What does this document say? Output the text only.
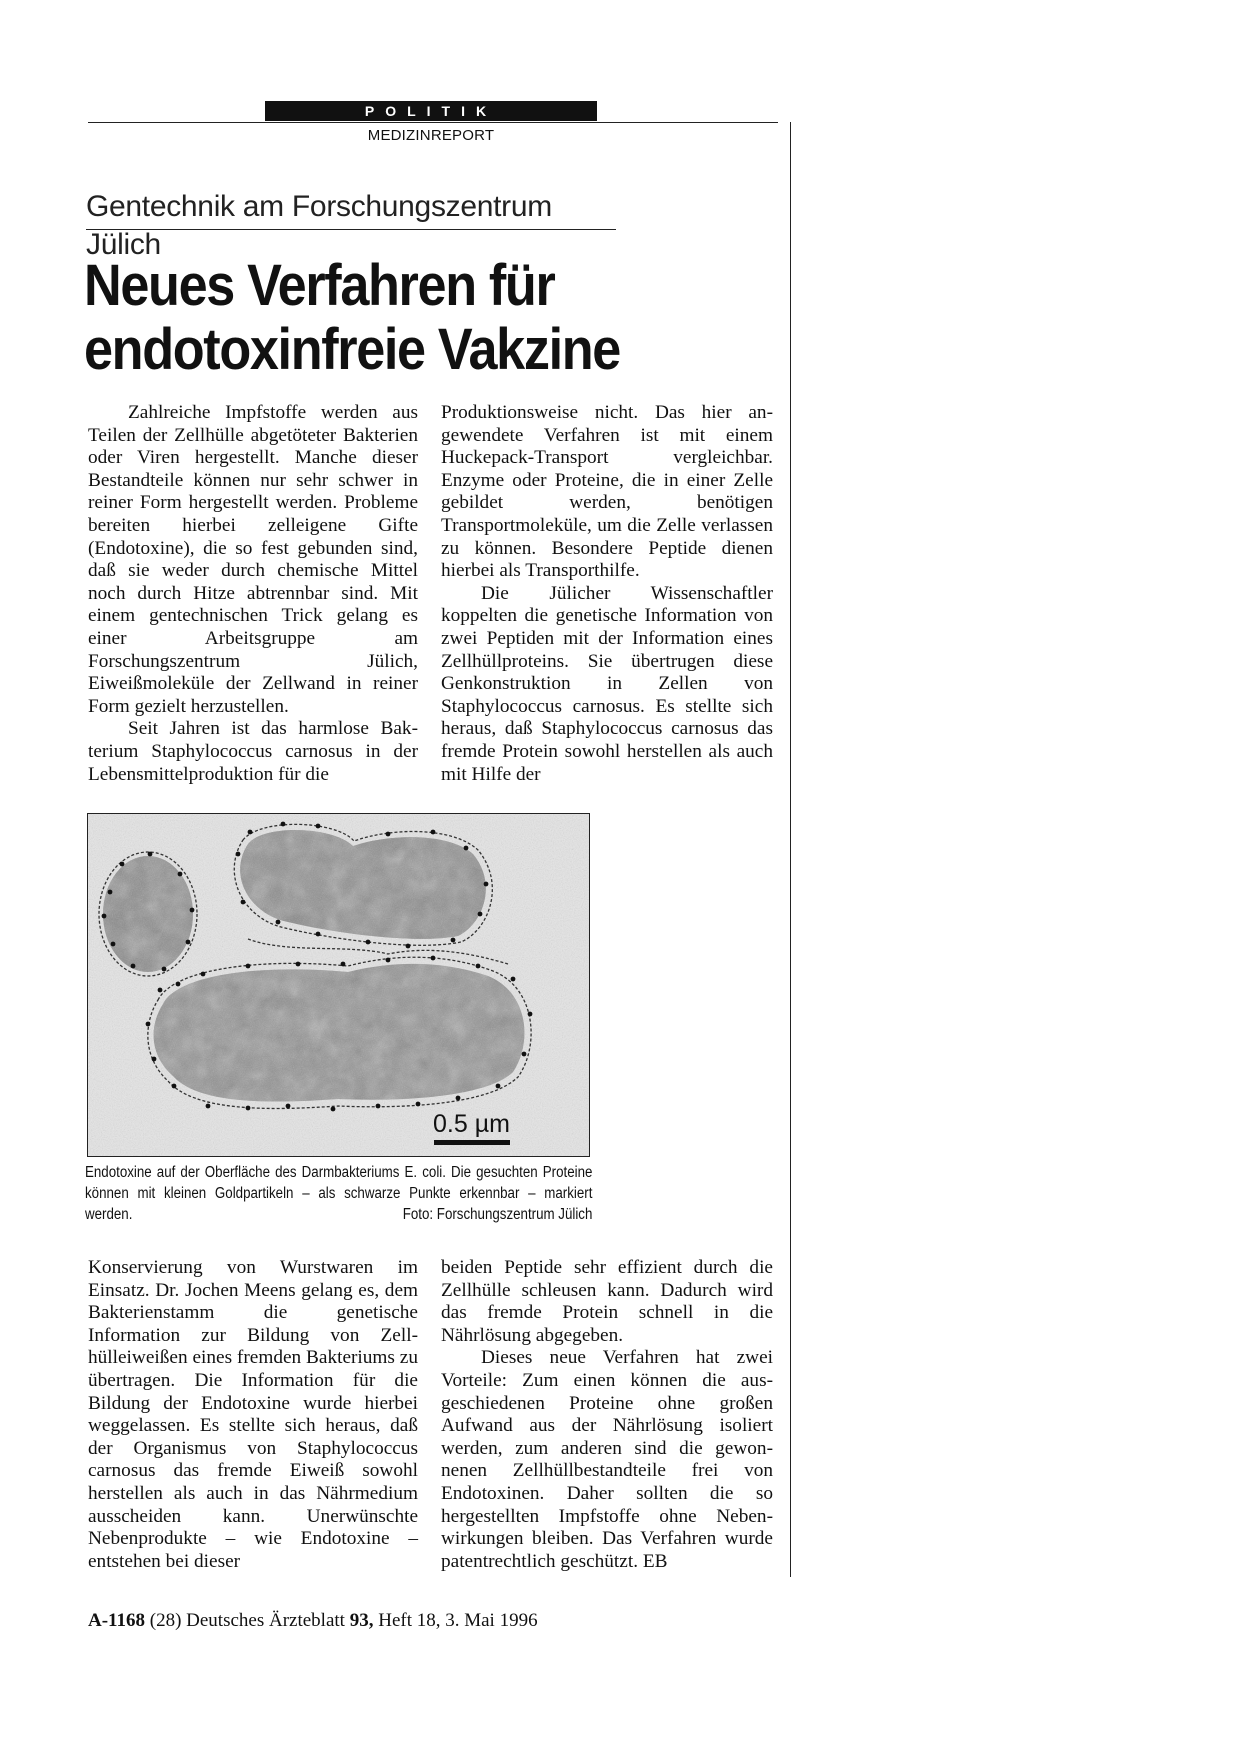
POLITIK
MEDIZINREPORT
Gentechnik am Forschungszentrum Jülich
Neues Verfahren für endotoxinfreie Vakzine

Zahlreiche Impfstoffe werden aus Teilen der Zellhülle abgetöteter Bakterien oder Viren hergestellt. Manche dieser Bestandteile können nur sehr schwer in reiner Form hergestellt werden. Probleme bereiten hierbei zelleigene Gifte (Endotoxine), die so fest gebunden sind, daß sie weder durch chemische Mittel noch durch Hitze abtrennbar sind. Mit einem gentechnischen Trick gelang es einer Arbeitsgruppe am Forschungszentrum Jülich, Eiweißmoleküle der Zellwand in reiner Form gezielt herzustellen.

Seit Jahren ist das harmlose Bakterium Staphylococcus carnosus in der Lebensmittelproduktion für die

Produktionsweise nicht. Das hier angewendete Verfahren ist mit einem Huckepack-Transport vergleichbar. Enzyme oder Proteine, die in einer Zelle gebildet werden, benötigen Transportmoleküle, um die Zelle verlassen zu können. Besondere Peptide dienen hierbei als Transporthilfe.

Die Jülicher Wissenschaftler koppelten die genetische Information von zwei Peptiden mit der Information eines Zellhüllproteins. Sie übertrugen diese Genkonstruktion in Zellen von Staphylococcus carnosus. Es stellte sich heraus, daß Staphylococcus carnosus das fremde Protein sowohl herstellen als auch mit Hilfe der

0.5 µm
Endotoxine auf der Oberfläche des Darmbakteriums E. coli. Die gesuchten Proteine können mit kleinen Goldpartikeln – als schwarze Punkte erkennbar – markiert werden.	Foto: Forschungszentrum Jülich

Konservierung von Wurstwaren im Einsatz. Dr. Jochen Meens gelang es, dem Bakterienstamm die genetische Information zur Bildung von Zellhülleiweißen eines fremden Bakteriums zu übertragen. Die Information für die Bildung der Endotoxine wurde hierbei weggelassen. Es stellte sich heraus, daß der Organismus von Staphylococcus carnosus das fremde Eiweiß sowohl herstellen als auch in das Nährmedium ausscheiden kann. Unerwünschte Nebenprodukte – wie Endotoxine – entstehen bei dieser

beiden Peptide sehr effizient durch die Zellhülle schleusen kann. Dadurch wird das fremde Protein schnell in die Nährlösung abgegeben.

Dieses neue Verfahren hat zwei Vorteile: Zum einen können die ausgeschiedenen Proteine ohne großen Aufwand aus der Nährlösung isoliert werden, zum anderen sind die gewonnenen Zellhüllbestandteile frei von Endotoxinen. Daher sollten die so hergestellten Impfstoffe ohne Nebenwirkungen bleiben. Das Verfahren wurde patentrechtlich geschützt. EB

A-1168 (28) Deutsches Ärzteblatt 93, Heft 18, 3. Mai 1996
